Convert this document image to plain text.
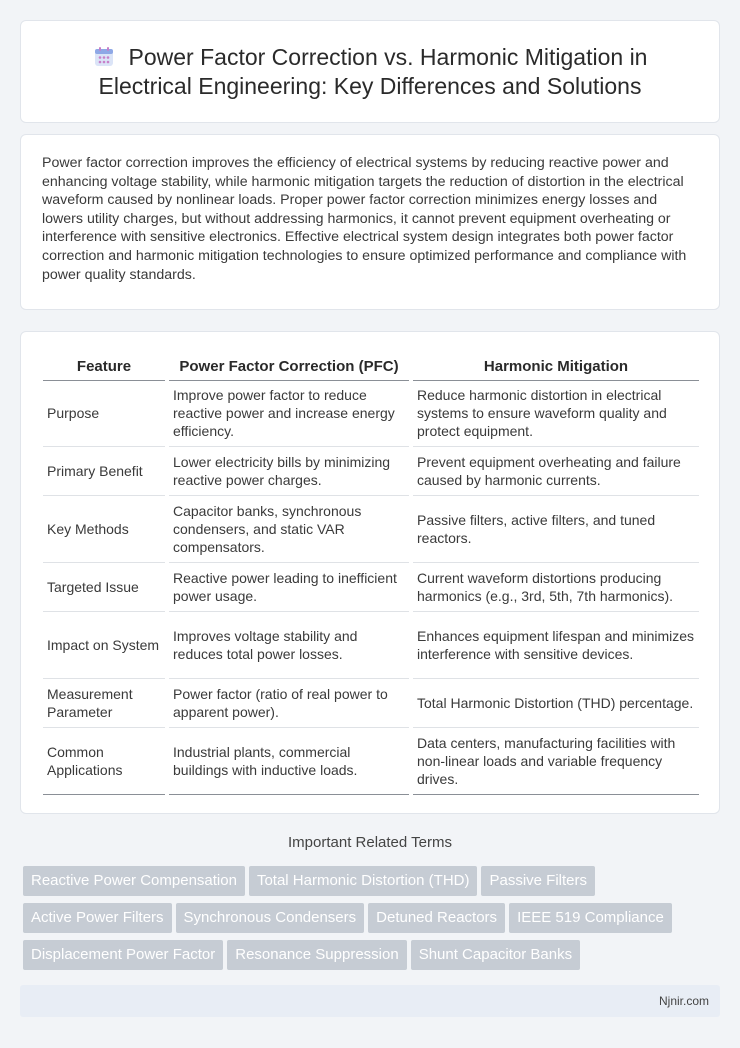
Power Factor Correction vs. Harmonic Mitigation in Electrical Engineering: Key Differences and Solutions

Power factor correction improves the efficiency of electrical systems by reducing reactive power and enhancing voltage stability, while harmonic mitigation targets the reduction of distortion in the electrical waveform caused by nonlinear loads. Proper power factor correction minimizes energy losses and lowers utility charges, but without addressing harmonics, it cannot prevent equipment overheating or interference with sensitive electronics. Effective electrical system design integrates both power factor correction and harmonic mitigation technologies to ensure optimized performance and compliance with power quality standards.

Feature	Power Factor Correction (PFC)	Harmonic Mitigation
Purpose	Improve power factor to reduce reactive power and increase energy efficiency.	Reduce harmonic distortion in electrical systems to ensure waveform quality and protect equipment.
Primary Benefit	Lower electricity bills by minimizing reactive power charges.	Prevent equipment overheating and failure caused by harmonic currents.
Key Methods	Capacitor banks, synchronous condensers, and static VAR compensators.	Passive filters, active filters, and tuned reactors.
Targeted Issue	Reactive power leading to inefficient power usage.	Current waveform distortions producing harmonics (e.g., 3rd, 5th, 7th harmonics).
Impact on System	Improves voltage stability and reduces total power losses.	Enhances equipment lifespan and minimizes interference with sensitive devices.
Measurement Parameter	Power factor (ratio of real power to apparent power).	Total Harmonic Distortion (THD) percentage.
Common Applications	Industrial plants, commercial buildings with inductive loads.	Data centers, manufacturing facilities with non-linear loads and variable frequency drives.
Important Related Terms
Reactive Power Compensation Total Harmonic Distortion (THD) Passive Filters
Active Power Filters Synchronous Condensers Detuned Reactors IEEE 519 Compliance
Displacement Power Factor Resonance Suppression Shunt Capacitor Banks
Njnir.com
